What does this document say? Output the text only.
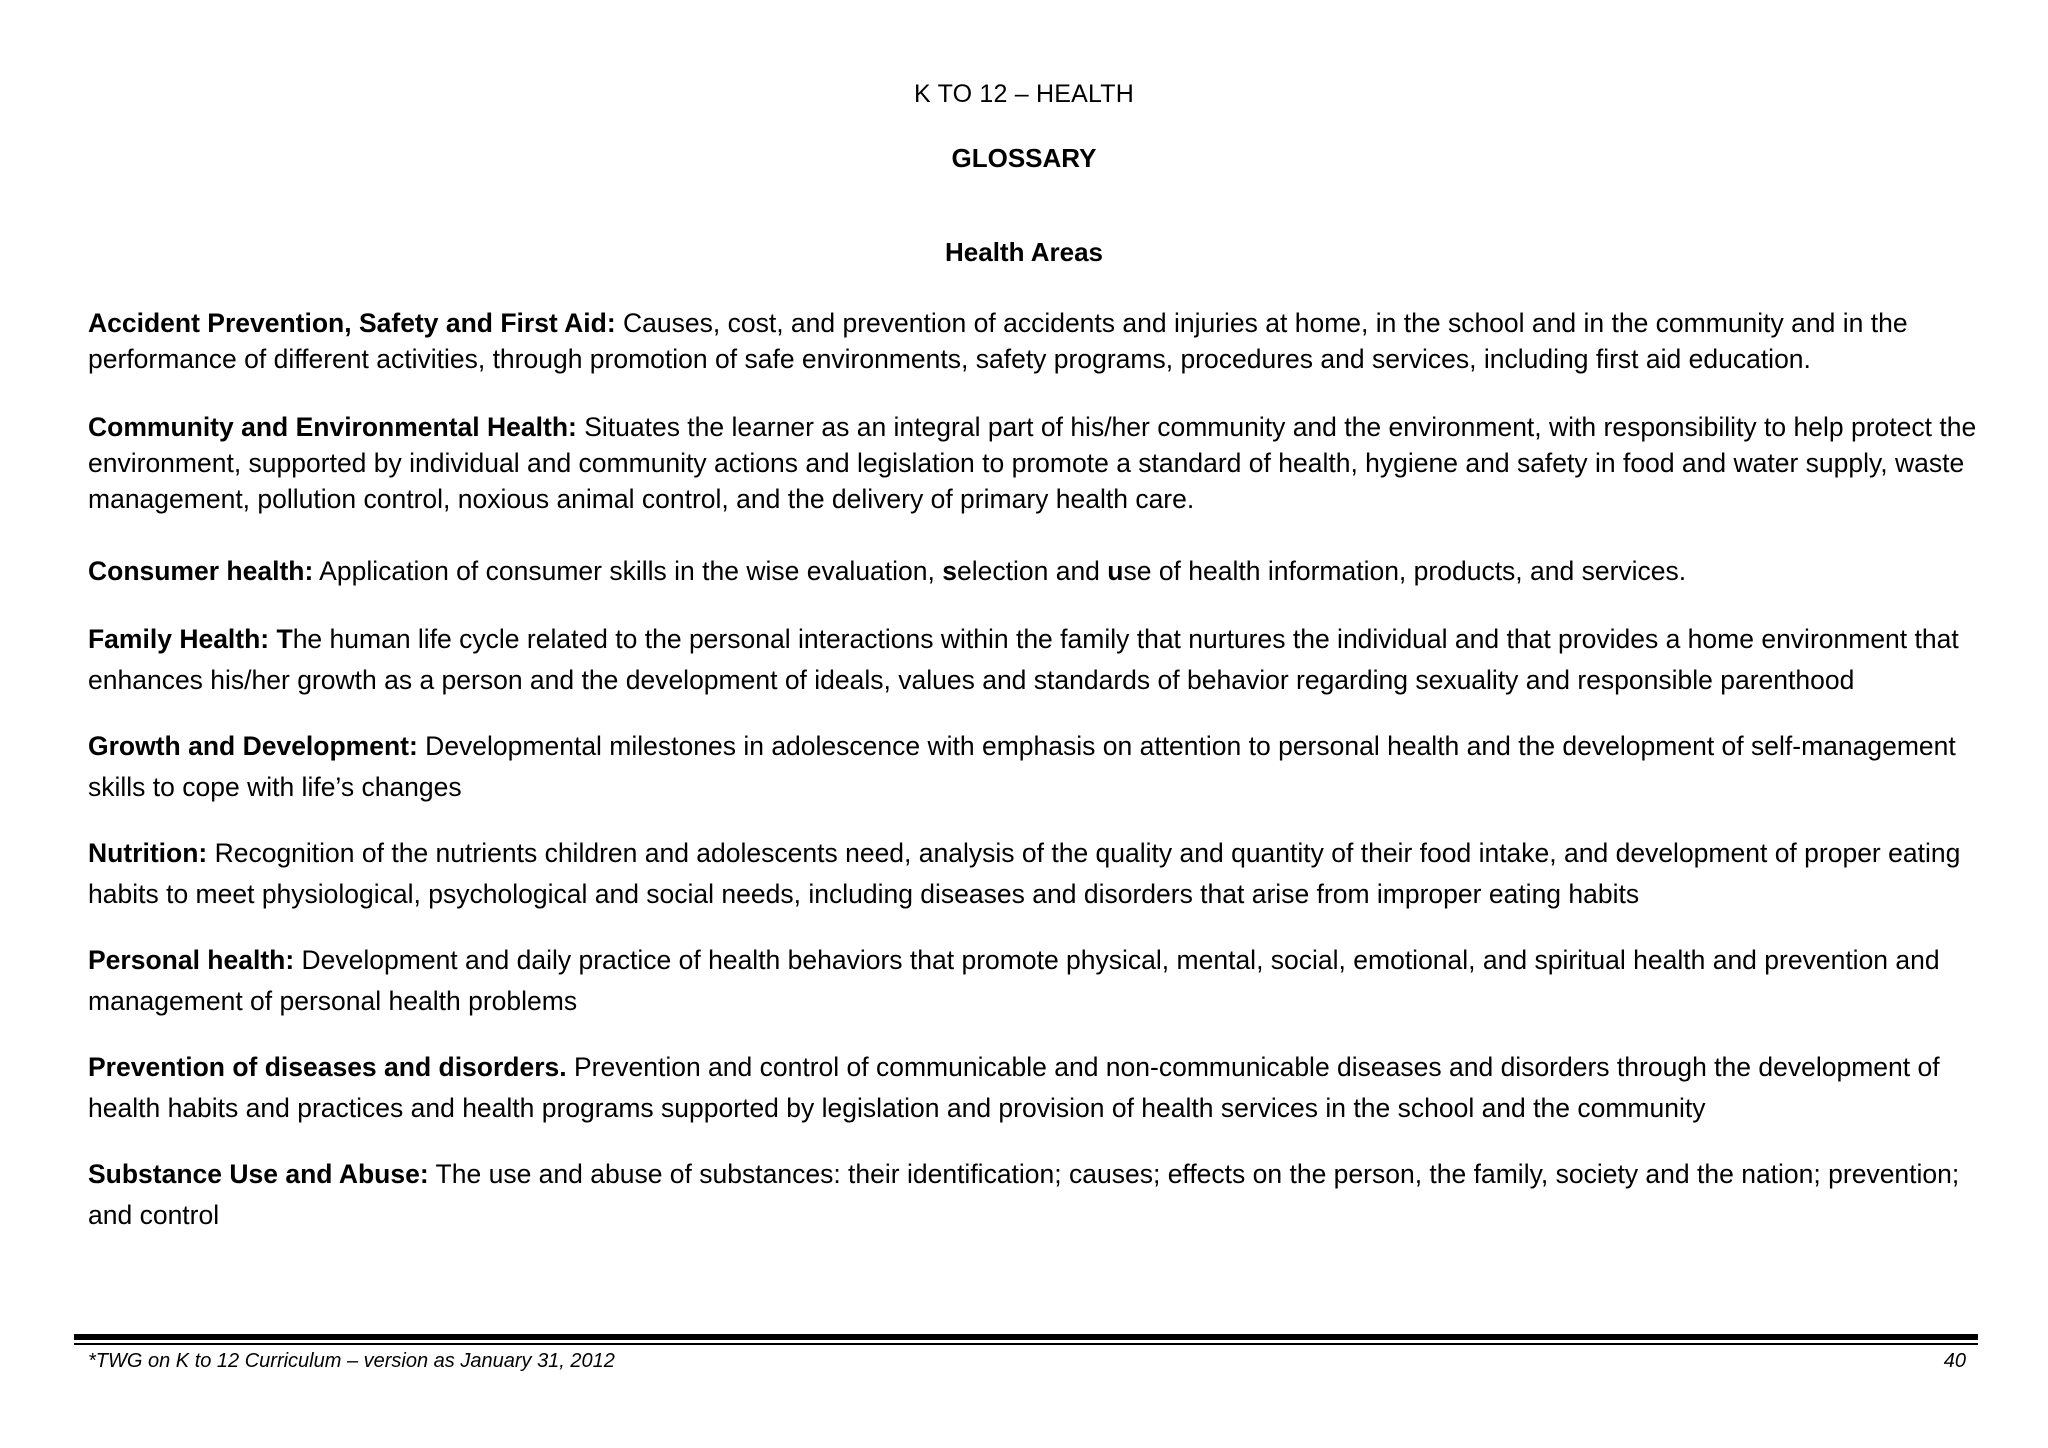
K TO 12 – HEALTH
GLOSSARY
Health Areas

Accident Prevention, Safety and First Aid: Causes, cost, and prevention of accidents and injuries at home, in the school and in the community and in the performance of different activities, through promotion of safe environments, safety programs, procedures and services, including first aid education.

Community and Environmental Health: Situates the learner as an integral part of his/her community and the environment, with responsibility to help protect the environment, supported by individual and community actions and legislation to promote a standard of health, hygiene and safety in food and water supply, waste management, pollution control, noxious animal control, and the delivery of primary health care.

Consumer health: Application of consumer skills in the wise evaluation, selection and use of health information, products, and services.

Family Health: The human life cycle related to the personal interactions within the family that nurtures the individual and that provides a home environment that enhances his/her growth as a person and the development of ideals, values and standards of behavior regarding sexuality and responsible parenthood

Growth and Development: Developmental milestones in adolescence with emphasis on attention to personal health and the development of self-management skills to cope with life’s changes

Nutrition: Recognition of the nutrients children and adolescents need, analysis of the quality and quantity of their food intake, and development of proper eating habits to meet physiological, psychological and social needs, including diseases and disorders that arise from improper eating habits

Personal health: Development and daily practice of health behaviors that promote physical, mental, social, emotional, and spiritual health and prevention and management of personal health problems

Prevention of diseases and disorders. Prevention and control of communicable and non-communicable diseases and disorders through the development of health habits and practices and health programs supported by legislation and provision of health services in the school and the community

Substance Use and Abuse: The use and abuse of substances: their identification; causes; effects on the person, the family, society and the nation; prevention; and control

*TWG on K to 12 Curriculum – version as January 31, 2012	40
